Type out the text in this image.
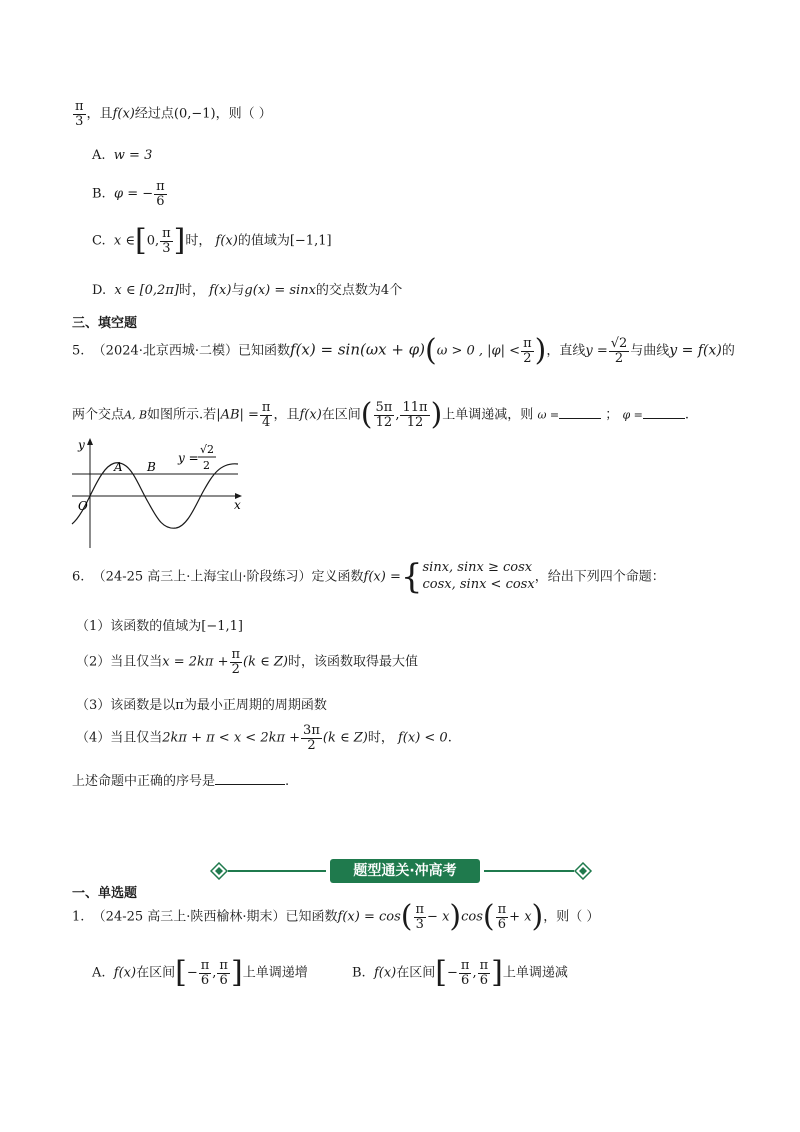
$\frac{\pi}{3}$ ，且f(x)经过点(0,−1)，则（ ）
A. w = 3
B. φ = − $\frac{\pi}{6}$
C. x ∈[0, $\frac{\pi}{3}$ ]时， f(x)的值域为[−1,1]
D. x ∈ [0,2π]时， f(x)与g(x) = sinx的交点数为4个
三、填空题
5. （2024·北京西城·二模）已知函数f(x) = sin(ωx + φ)(ω > 0 , $|\varphi| < \frac{\pi}{2}$ )，直线$y = \frac{√2}{2}$ 与曲线y = f(x)的
两个交点A, B如图所示.若$|AB| = \frac{\pi}{4}$ ，且f(x)在区间( $\frac{5\pi}{12}$ , $\frac{11\pi}{12}$ )上单调递减，则 ω =	； φ =	.
y
x
O
A B
y =
√2
2
6. （24-25 高三上·上海宝山·阶段练习）定义函数f(x) ={ sinx, sinx ≥ cosx
cosx, sinx < cosx ，给出下列四个命题：
（1）该函数的值域为[−1,1]
（2）当且仅当$x = 2k\pi + \frac{\pi}{2} (k$ ∈ Z)时，该函数取得最大值
（3）该函数是以π为最小正周期的周期函数
（4）当且仅当$2k\pi + \pi < x < 2k\pi + \frac{3\pi}{2} (k$ ∈ Z)时， f(x) < 0.
上述命题中正确的序号是	.
题型通关·冲高考
一、单选题
1. （24-25 高三上·陕西榆林·期末）已知函数$f(x) = \cos( \frac{\pi}{3} - x)\cos( \frac{\pi}{6} + x)$，则（ ）
A. f(x)在区间[− $\frac{\pi}{6}$ , $\frac{\pi}{6}$ ]上单调递增	B. f(x)在区间[− $\frac{\pi}{6}$ , $\frac{\pi}{6}$ ]上单调递减
